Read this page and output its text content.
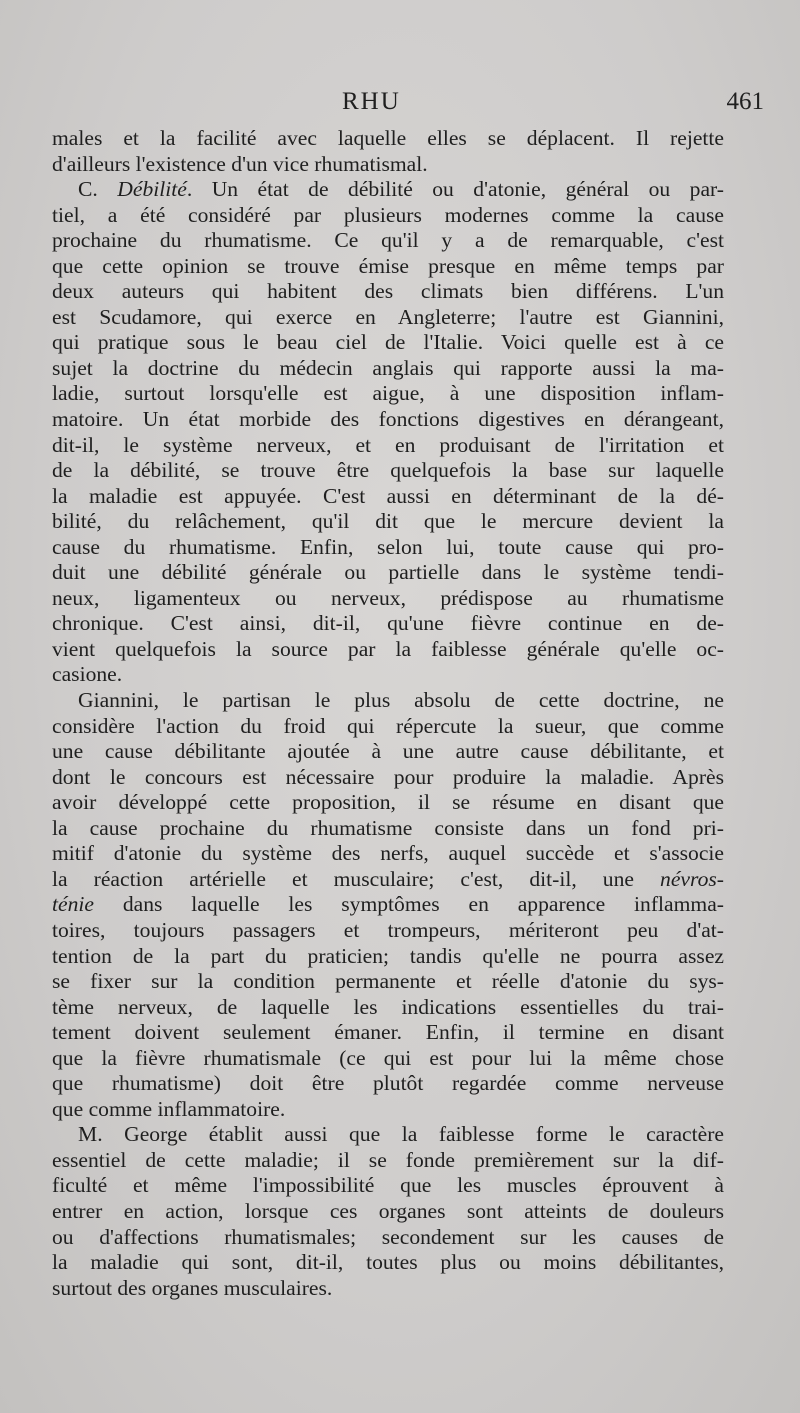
RHU	461
males et la facilité avec laquelle elles se déplacent. Il rejette
d'ailleurs l'existence d'un vice rhumatismal.
C. Débilité. Un état de débilité ou d'atonie, général ou par-
tiel, a été considéré par plusieurs modernes comme la cause
prochaine du rhumatisme. Ce qu'il y a de remarquable, c'est
que cette opinion se trouve émise presque en même temps par
deux auteurs qui habitent des climats bien différens. L'un
est Scudamore, qui exerce en Angleterre; l'autre est Giannini,
qui pratique sous le beau ciel de l'Italie. Voici quelle est à ce
sujet la doctrine du médecin anglais qui rapporte aussi la ma-
ladie, surtout lorsqu'elle est aigue, à une disposition inflam-
matoire. Un état morbide des fonctions digestives en dérangeant,
dit-il, le système nerveux, et en produisant de l'irritation et
de la débilité, se trouve être quelquefois la base sur laquelle
la maladie est appuyée. C'est aussi en déterminant de la dé-
bilité, du relâchement, qu'il dit que le mercure devient la
cause du rhumatisme. Enfin, selon lui, toute cause qui pro-
duit une débilité générale ou partielle dans le système tendi-
neux, ligamenteux ou nerveux, prédispose au rhumatisme
chronique. C'est ainsi, dit-il, qu'une fièvre continue en de-
vient quelquefois la source par la faiblesse générale qu'elle oc-
casione.
Giannini, le partisan le plus absolu de cette doctrine, ne
considère l'action du froid qui répercute la sueur, que comme
une cause débilitante ajoutée à une autre cause débilitante, et
dont le concours est nécessaire pour produire la maladie. Après
avoir développé cette proposition, il se résume en disant que
la cause prochaine du rhumatisme consiste dans un fond pri-
mitif d'atonie du système des nerfs, auquel succède et s'associe
la réaction artérielle et musculaire; c'est, dit-il, une névros-
ténie dans laquelle les symptômes en apparence inflamma-
toires, toujours passagers et trompeurs, mériteront peu d'at-
tention de la part du praticien; tandis qu'elle ne pourra assez
se fixer sur la condition permanente et réelle d'atonie du sys-
tème nerveux, de laquelle les indications essentielles du trai-
tement doivent seulement émaner. Enfin, il termine en disant
que la fièvre rhumatismale (ce qui est pour lui la même chose
que rhumatisme) doit être plutôt regardée comme nerveuse
que comme inflammatoire.
M. George établit aussi que la faiblesse forme le caractère
essentiel de cette maladie; il se fonde premièrement sur la dif-
ficulté et même l'impossibilité que les muscles éprouvent à
entrer en action, lorsque ces organes sont atteints de douleurs
ou d'affections rhumatismales; secondement sur les causes de
la maladie qui sont, dit-il, toutes plus ou moins débilitantes,
surtout des organes musculaires.
